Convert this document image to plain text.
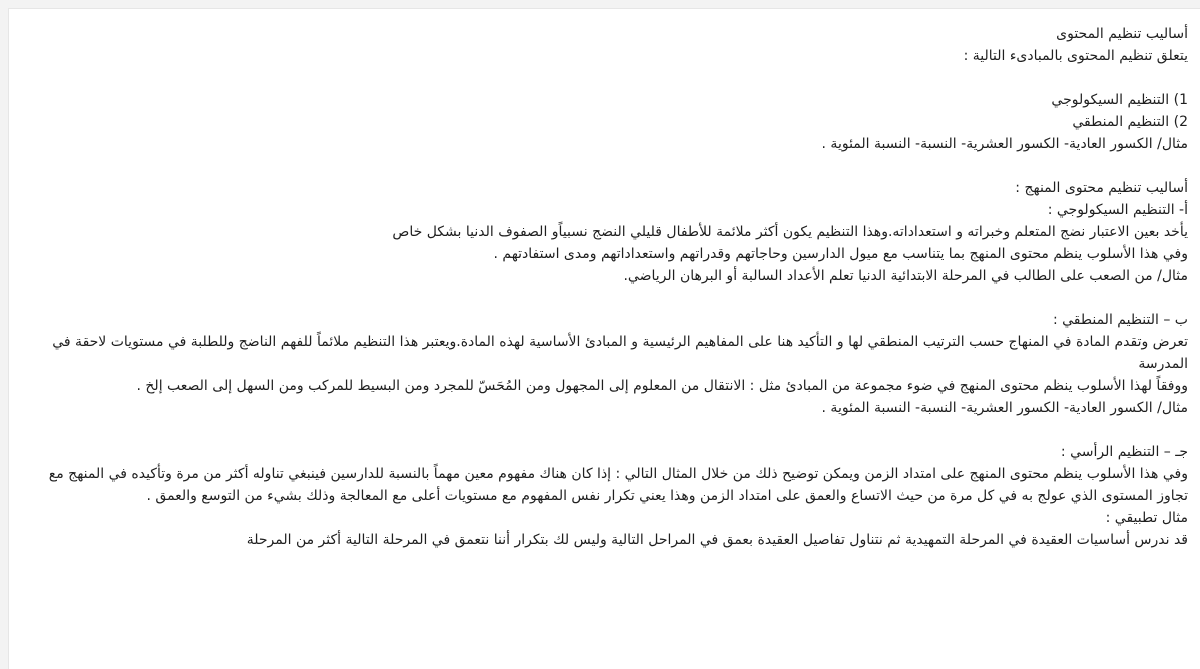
أساليب تنظيم المحتوى
يتعلق تنظيم المحتوى بالمبادىء التالية :
1) التنظيم السيكولوجي
2) التنظيم المنطقي
مثال/ الكسور العادية- الكسور العشرية- النسبة- النسبة المئوية .
أساليب تنظيم محتوى المنهج :
أ- التنظيم السيكولوجي :
يأخد بعين الاعتبار نضج المتعلم وخبراته و استعداداته.وهذا التنظيم يكون أكثر ملائمة للأطفال قليلي النضج نسبياًو الصفوف الدنيا بشكل خاص
وفي هذا الأسلوب ينظم محتوى المنهج بما يتناسب مع ميول الدارسين وحاجاتهم وقدراتهم واستعداداتهم ومدى استفادتهم .
مثال/ من الصعب على الطالب في المرحلة الابتدائية الدنيا تعلم الأعداد السالبة أو البرهان الرياضي.
ب – التنظيم المنطقي :
تعرض وتقدم المادة في المنهاج حسب الترتيب المنطقي لها و التأكيد هنا على المفاهيم الرئيسية و المبادئ الأساسية لهذه المادة.ويعتبر هذا التنظيم ملائماً للفهم الناضج وللطلبة في مستويات لاحقة في المدرسة
ووفقاً لهذا الأسلوب ينظم محتوى المنهج في ضوء مجموعة من المبادئ مثل : الانتقال من المعلوم إلى المجهول ومن المُحَسّ للمجرد ومن البسيط للمركب ومن السهل إلى الصعب إلخ .
مثال/ الكسور العادية- الكسور العشرية- النسبة- النسبة المئوية .
جـ – التنظيم الرأسي :
وفي هذا الأسلوب ينظم محتوى المنهج على امتداد الزمن ويمكن توضيح ذلك من خلال المثال التالي : إذا كان هناك مفهوم معين مهماً بالنسبة للدارسين فينبغي تناوله أكثر من مرة وتأكيده في المنهج مع تجاوز المستوى الذي عولج به في كل مرة من حيث الاتساع والعمق على امتداد الزمن وهذا يعني تكرار نفس المفهوم مع مستويات أعلى مع المعالجة وذلك بشيء من التوسع والعمق .
مثال تطبيقي :
قد ندرس أساسيات العقيدة في المرحلة التمهيدية ثم نتناول تفاصيل العقيدة بعمق في المراحل التالية وليس لك بتكرار أننا نتعمق في المرحلة التالية أكثر من المرحلة
